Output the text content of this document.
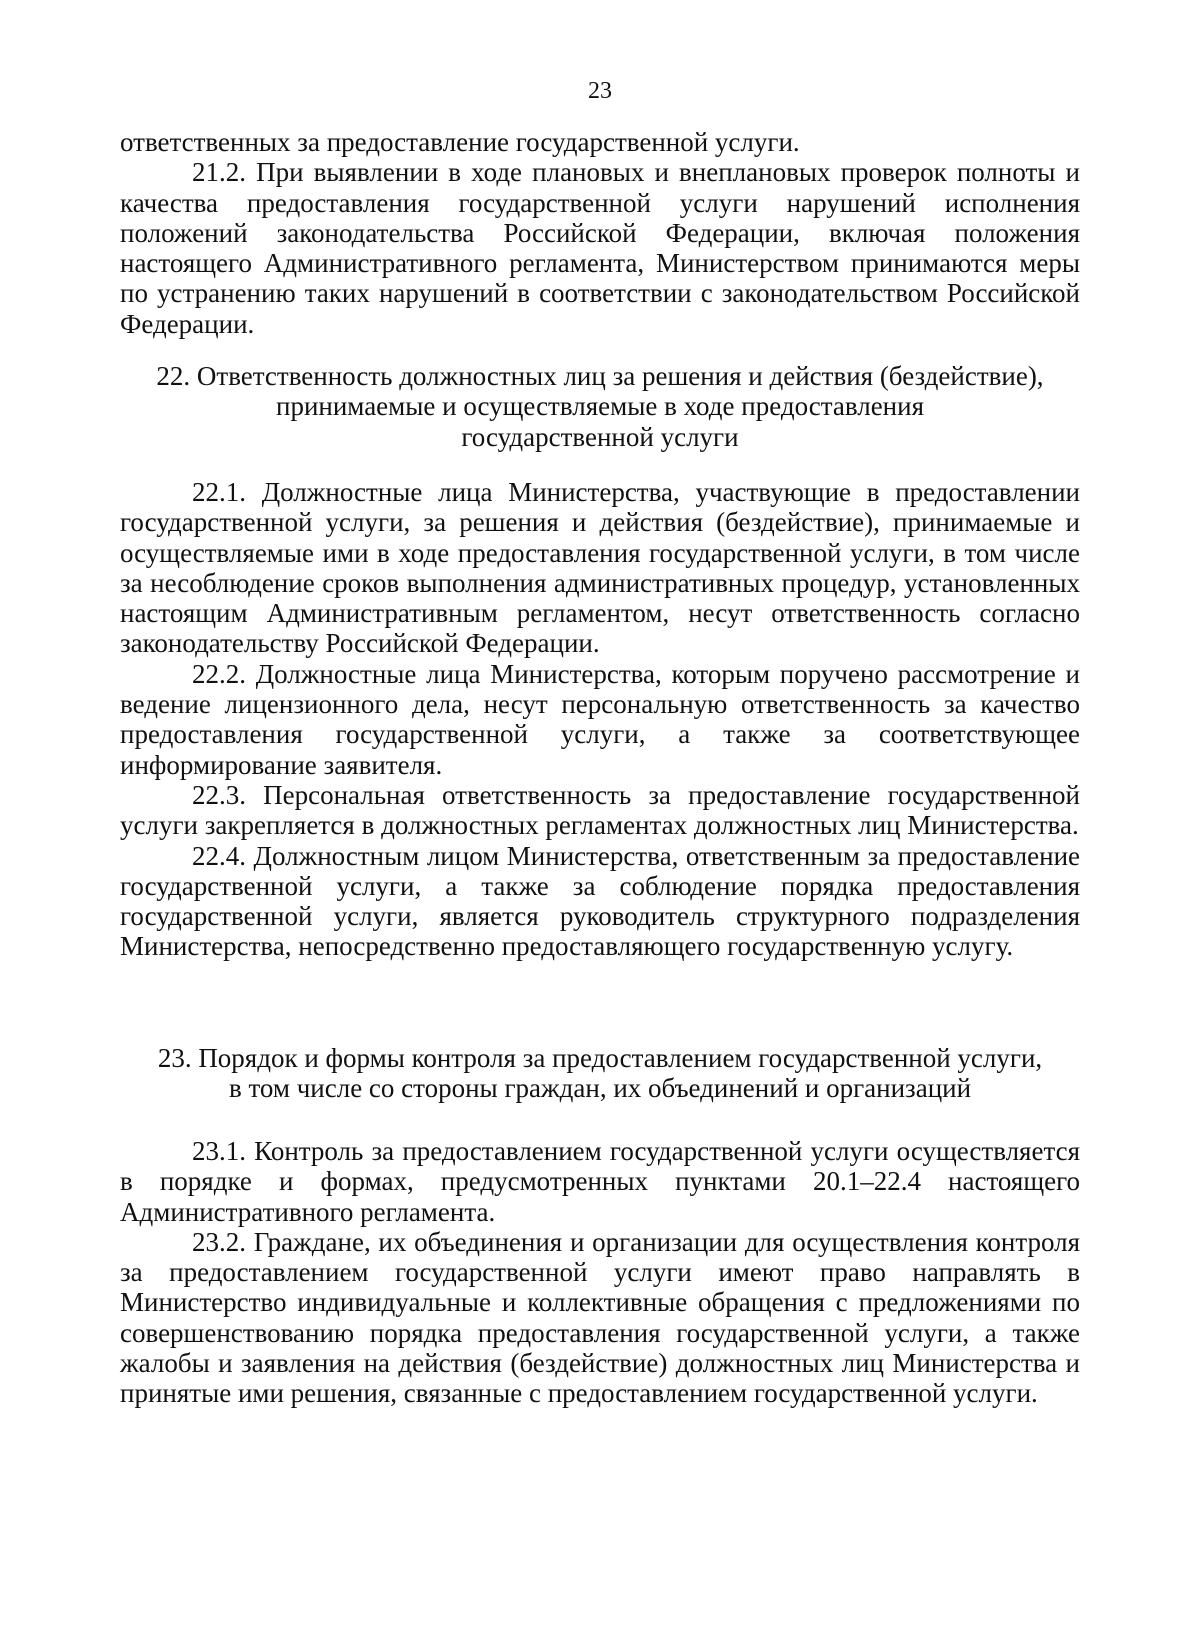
23

ответственных за предоставление государственной услуги.

21.2. При выявлении в ходе плановых и внеплановых проверок полноты и качества предоставления государственной услуги нарушений исполнения положений законодательства Российской Федерации, включая положения настоящего Административного регламента, Министерством принимаются меры по устранению таких нарушений в соответствии с законодательством Российской Федерации.

22. Ответственность должностных лиц за решения и действия (бездействие),
принимаемые и осуществляемые в ходе предоставления
государственной услуги

22.1. Должностные лица Министерства, участвующие в предоставлении государственной услуги, за решения и действия (бездействие), принимаемые и осуществляемые ими в ходе предоставления государственной услуги, в том числе за несоблюдение сроков выполнения административных процедур, установленных настоящим Административным регламентом, несут ответственность согласно законодательству Российской Федерации.

22.2. Должностные лица Министерства, которым поручено рассмотрение и ведение лицензионного дела, несут персональную ответственность за качество предоставления государственной услуги, а также за соответствующее информирование заявителя.

22.3. Персональная ответственность за предоставление государственной услуги закрепляется в должностных регламентах должностных лиц Министерства.

22.4. Должностным лицом Министерства, ответственным за предоставление государственной услуги, а также за соблюдение порядка предоставления государственной услуги, является руководитель структурного подразделения Министерства, непосредственно предоставляющего государственную услугу.

23. Порядок и формы контроля за предоставлением государственной услуги,
в том числе со стороны граждан, их объединений и организаций

23.1. Контроль за предоставлением государственной услуги осуществляется в порядке и формах, предусмотренных пунктами 20.1–22.4 настоящего Административного регламента.

23.2. Граждане, их объединения и организации для осуществления контроля за предоставлением государственной услуги имеют право направлять в Министерство индивидуальные и коллективные обращения с предложениями по совершенствованию порядка предоставления государственной услуги, а также жалобы и заявления на действия (бездействие) должностных лиц Министерства и принятые ими решения, связанные с предоставлением государственной услуги.
